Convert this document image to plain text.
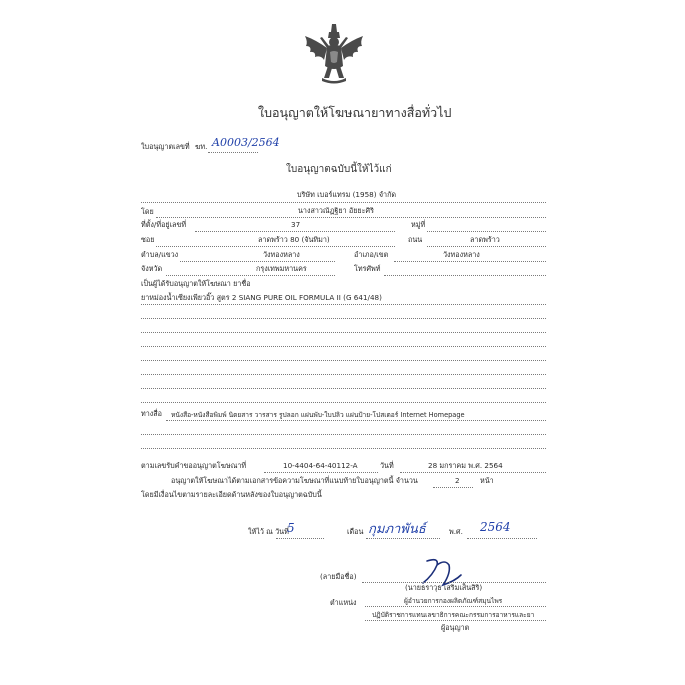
ใบอนุญาตให้โฆษณายาทางสื่อทั่วไป
ใบอนุญาตเลขที่ ฆท. A0003/2564
ใบอนุญาตฉบับนี้ให้ไว้แก่
บริษัท เบอร์แทรม (1958) จำกัด
โดย	นางสาวณัฏฐิยา อัยยะศิริ
ที่ตั้ง/ที่อยู่เลขที่	37	หมู่ที่
ซอย	ลาดพร้าว 80 (จันทิมา)	ถนน	ลาดพร้าว
ตำบล/แขวง	วังทองหลาง	อำเภอ/เขต	วังทองหลาง
จังหวัด	กรุงเทพมหานคร	โทรศัพท์
เป็นผู้ได้รับอนุญาตให้โฆษณา ยาชื่อ
ยาหม่องน้ำเซียงเพียวอิ๊ว สูตร 2 SIANG PURE OIL FORMULA II (G 641/48)
ทางสื่อ หนังสือ-หนังสือพิมพ์ นิตยสาร วารสาร รูปลอก แผ่นพับ-ใบปลิว แผ่นป้าย-โปสเตอร์ Internet Homepage
ตามเลขรับคำขออนุญาตโฆษณาที่	10-4404-64-40112-A	วันที่	28 มกราคม พ.ศ. 2564
อนุญาตให้โฆษณาได้ตามเอกสารข้อความโฆษณาที่แนบท้ายใบอนุญาตนี้ จำนวน	2	หน้า
โดยมีเงื่อนไขตามรายละเอียดด้านหลังของใบอนุญาตฉบับนี้
ให้ไว้ ณ วันที่
5	เดือน กุมภาพันธ์	พ.ศ. 2564
(ลายมือชื่อ)
(นายธราวุธ เสริมเส็นสิริ)
ตำแหน่ง	ผู้อำนวยการกองผลิตภัณฑ์สมุนไพร
ปฏิบัติราชการแทนเลขาธิการคณะกรรมการอาหารและยา
ผู้อนุญาต
